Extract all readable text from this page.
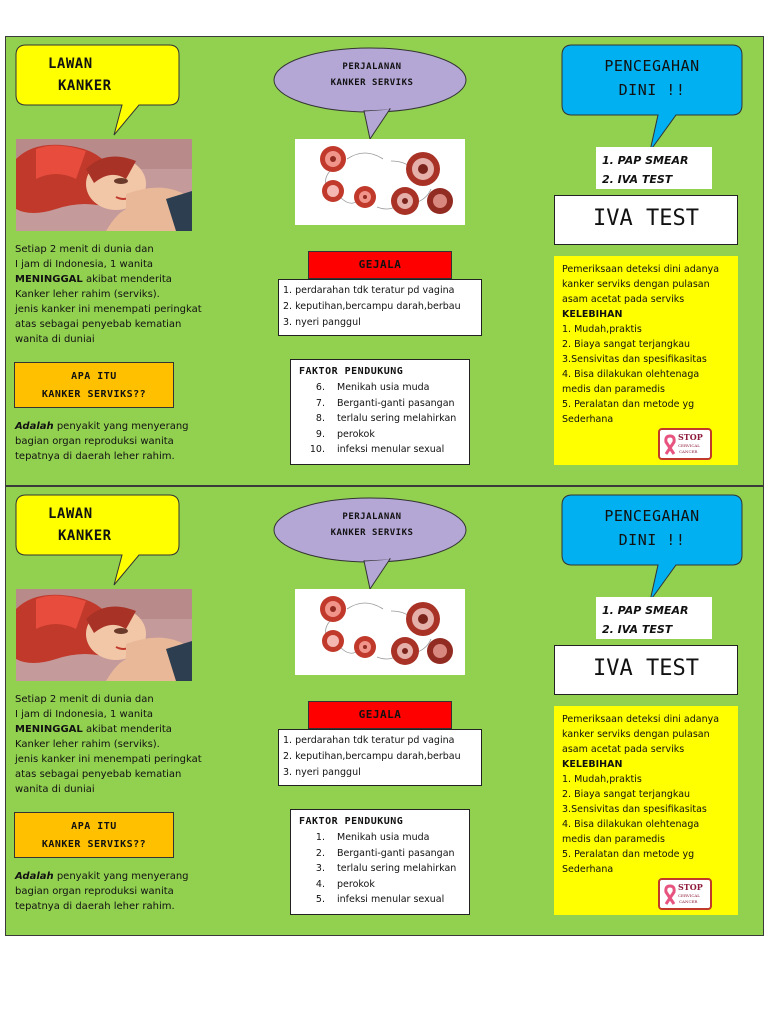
LAWAN
KANKER
Setiap 2 menit di dunia dan
I jam di Indonesia, 1 wanita
MENINGGAL akibat menderita
Kanker leher rahim (serviks).
jenis kanker ini menempati peringkat
atas sebagai penyebab kematian
wanita di duniai
APA ITU
KANKER SERVIKS??
Adalah penyakit yang menyerang
bagian organ reproduksi wanita
tepatnya di daerah leher rahim.
PERJALANAN
KANKER SERVIKS
GEJALA
1. perdarahan tdk teratur pd vagina
2. keputihan,bercampu darah,berbau
3. nyeri panggul
FAKTOR PENDUKUNG
6.	Menikah usia muda
7.	Berganti-ganti pasangan
8.	terlalu sering melahirkan
9.	perokok
10.	infeksi menular sexual
PENCEGAHAN
DINI !!
1. PAP SMEAR
2. IVA TEST
IVA TEST
Pemeriksaan deteksi dini adanya
kanker serviks dengan pulasan
asam acetat pada serviks
KELEBIHAN
1. Mudah,praktis
2. Biaya sangat terjangkau
3.Sensivitas dan spesifikasitas
4. Bisa dilakukan olehtenaga
medis dan paramedis
5. Peralatan dan metode yg
Sederhana
STOP
CERVICAL
CANCER
LAWAN
KANKER
Setiap 2 menit di dunia dan
I jam di Indonesia, 1 wanita
MENINGGAL akibat menderita
Kanker leher rahim (serviks).
jenis kanker ini menempati peringkat
atas sebagai penyebab kematian
wanita di duniai
APA ITU
KANKER SERVIKS??
Adalah penyakit yang menyerang
bagian organ reproduksi wanita
tepatnya di daerah leher rahim.
PERJALANAN
KANKER SERVIKS
GEJALA
1. perdarahan tdk teratur pd vagina
2. keputihan,bercampu darah,berbau
3. nyeri panggul
FAKTOR PENDUKUNG
1.	Menikah usia muda
2.	Berganti-ganti pasangan
3.	terlalu sering melahirkan
4.	perokok
5.	infeksi menular sexual
PENCEGAHAN
DINI !!
1. PAP SMEAR
2. IVA TEST
IVA TEST
Pemeriksaan deteksi dini adanya
kanker serviks dengan pulasan
asam acetat pada serviks
KELEBIHAN
1. Mudah,praktis
2. Biaya sangat terjangkau
3.Sensivitas dan spesifikasitas
4. Bisa dilakukan olehtenaga
medis dan paramedis
5. Peralatan dan metode yg
Sederhana
STOP
CERVICAL
CANCER
